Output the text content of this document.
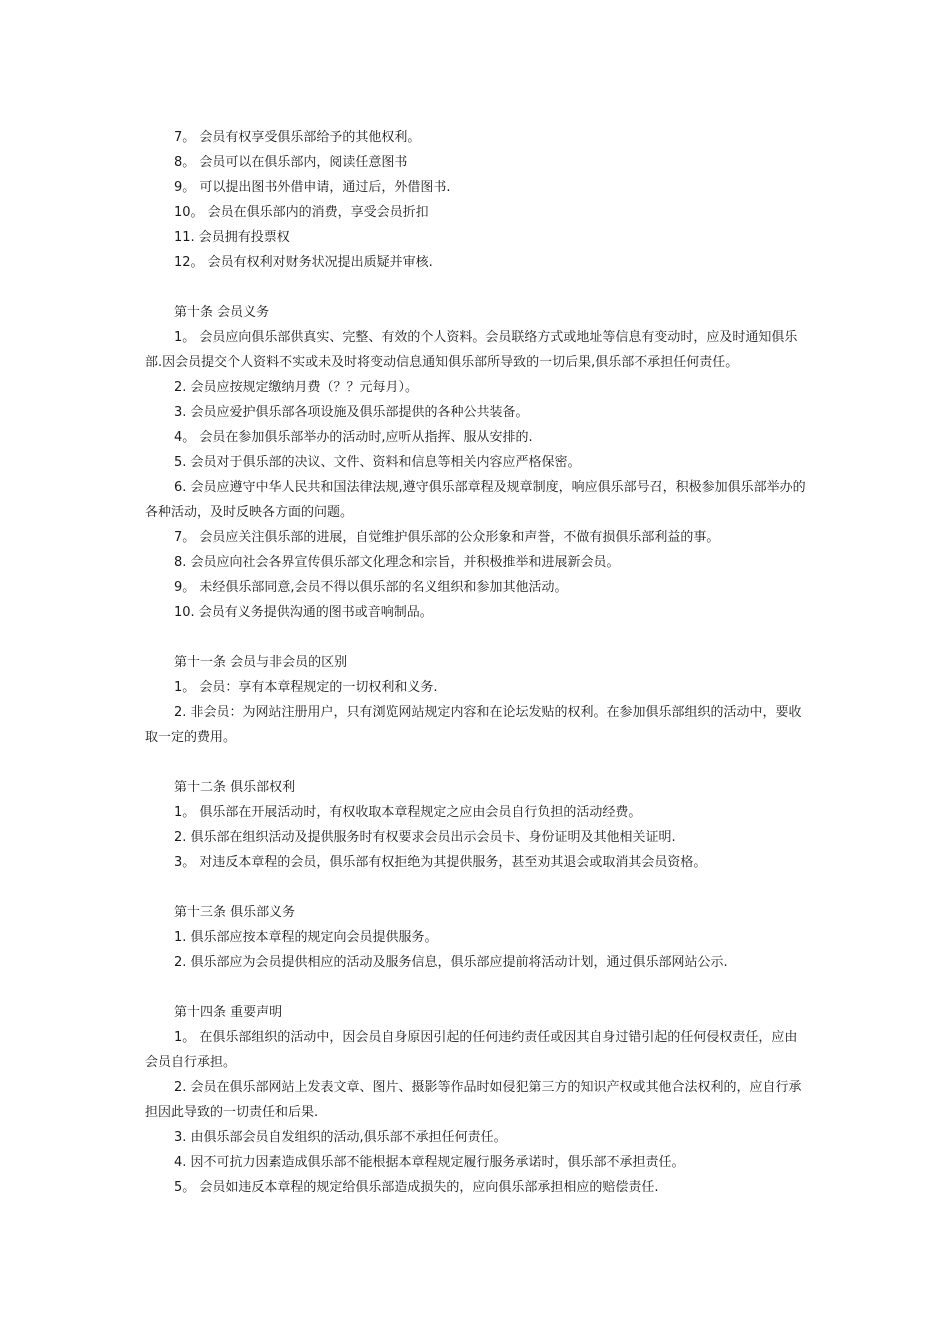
7。 会员有权享受俱乐部给予的其他权利。

8。 会员可以在俱乐部内，阅读任意图书

9。 可以提出图书外借申请，通过后，外借图书.

10。 会员在俱乐部内的消费，享受会员折扣

11. 会员拥有投票权

12。 会员有权利对财务状况提出质疑并审核.

第十条 会员义务

1。 会员应向俱乐部供真实、完整、有效的个人资料。会员联络方式或地址等信息有变动时，应及时通知俱乐部.因会员提交个人资料不实或未及时将变动信息通知俱乐部所导致的一切后果,俱乐部不承担任何责任。

2. 会员应按规定缴纳月费（？？元每月）。

3. 会员应爱护俱乐部各项设施及俱乐部提供的各种公共装备。

4。 会员在参加俱乐部举办的活动时,应听从指挥、服从安排的.

5. 会员对于俱乐部的决议、文件、资料和信息等相关内容应严格保密。

6. 会员应遵守中华人民共和国法律法规,遵守俱乐部章程及规章制度，响应俱乐部号召，积极参加俱乐部举办的各种活动，及时反映各方面的问题。

7。 会员应关注俱乐部的进展，自觉维护俱乐部的公众形象和声誉，不做有损俱乐部利益的事。

8. 会员应向社会各界宣传俱乐部文化理念和宗旨，并积极推举和进展新会员。

9。 未经俱乐部同意,会员不得以俱乐部的名义组织和参加其他活动。

10. 会员有义务提供沟通的图书或音响制品。

第十一条 会员与非会员的区别

1。 会员：享有本章程规定的一切权利和义务.

2. 非会员：为网站注册用户，只有浏览网站规定内容和在论坛发贴的权利。在参加俱乐部组织的活动中，要收取一定的费用。

第十二条 俱乐部权利

1。 俱乐部在开展活动时，有权收取本章程规定之应由会员自行负担的活动经费。

2. 俱乐部在组织活动及提供服务时有权要求会员出示会员卡、身份证明及其他相关证明.

3。 对违反本章程的会员，俱乐部有权拒绝为其提供服务，甚至劝其退会或取消其会员资格。

第十三条 俱乐部义务

1. 俱乐部应按本章程的规定向会员提供服务。

2. 俱乐部应为会员提供相应的活动及服务信息，俱乐部应提前将活动计划，通过俱乐部网站公示.

第十四条 重要声明

1。 在俱乐部组织的活动中，因会员自身原因引起的任何违约责任或因其自身过错引起的任何侵权责任，应由会员自行承担。

2. 会员在俱乐部网站上发表文章、图片、摄影等作品时如侵犯第三方的知识产权或其他合法权利的，应自行承担因此导致的一切责任和后果.

3. 由俱乐部会员自发组织的活动,俱乐部不承担任何责任。

4. 因不可抗力因素造成俱乐部不能根据本章程规定履行服务承诺时，俱乐部不承担责任。

5。 会员如违反本章程的规定给俱乐部造成损失的，应向俱乐部承担相应的赔偿责任.
